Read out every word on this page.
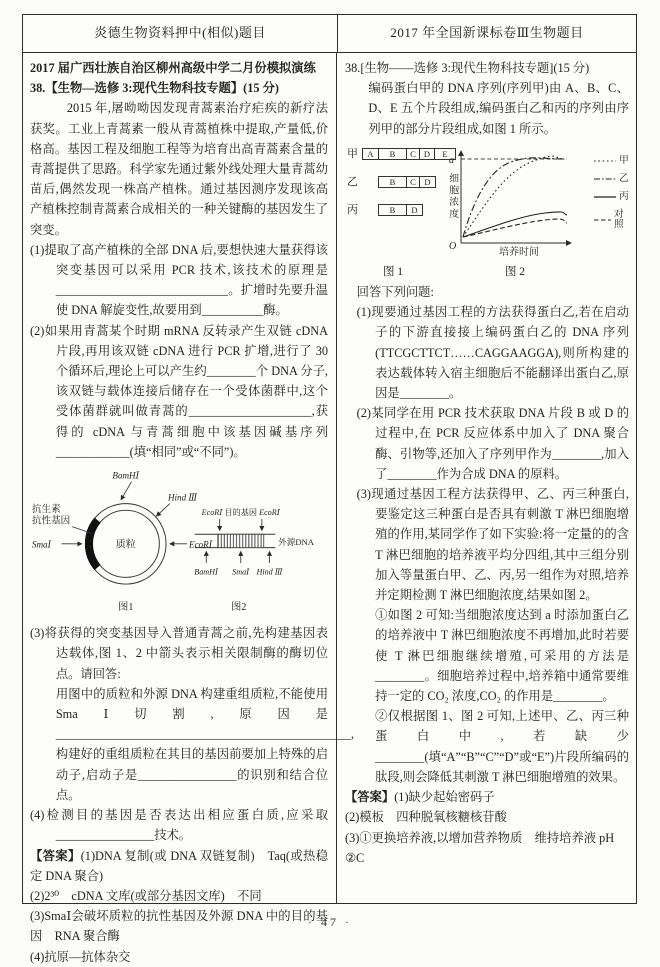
炎德生物资料押中(相似)题目	2017 年全国新课标卷Ⅲ生物题目

2017 届广西壮族自治区柳州高级中学二月份模拟演练

38.【生物—选修 3:现代生物科技专题】(15 分)

2015 年,屠呦呦因发现青蒿素治疗疟疾的新疗法获奖。工业上青蒿素一般从青蒿植株中提取,产量低,价格高。基因工程及细胞工程等为培育出高青蒿素含量的青蒿提供了思路。科学家先通过紫外线处理大量青蒿幼苗后,偶然发现一株高产植株。通过基因测序发现该高产植株控制青蒿素合成相关的一种关键酶的基因发生了突变。

(1)提取了高产植株的全部 DNA 后,要想快速大量获得该突变基因可以采用 PCR 技术,该技术的原理是____________________________。扩增时先要升温使 DNA 解旋变性,故要用到__________酶。

(2)如果用青蒿某个时期 mRNA 反转录产生双链 cDNA 片段,再用该双链 cDNA 进行 PCR 扩增,进行了 30 个循环后,理论上可以产生约________个 DNA 分子,该双链与载体连接后储存在一个受体菌群中,这个受体菌群就叫做青蒿的____________________,获得的 cDNA 与青蒿细胞中该基因碱基序列____________(填“相同”或“不同”)。

抗生素
抗性基因
BamHⅠ
Hind Ⅲ
EcoRⅠ
SmaⅠ	质粒
图1
EcoRⅠ 目的基因 EcoRⅠ
BamHⅠ SmaⅠ Hind Ⅲ
外源DNA
图2

(3)将获得的突变基因导入普通青蒿之前,先构建基因表达载体,图 1、2 中箭头表示相关限制酶的酶切位点。请回答:

用图中的质粒和外源 DNA 构建重组质粒,不能使用 SmaⅠ切割,原因是________________________________________________,构建好的重组质粒在其目的基因前要加上特殊的启动子,启动子是________________的识别和结合位点。

(4)检测目的基因是否表达出相应蛋白质,应采取________________技术。

【答案】(1)DNA 复制(或 DNA 双链复制)　Taq(或热稳定 DNA 聚合)

(2)2³⁰　cDNA 文库(或部分基因文库)　不同

(3)SmaⅠ会破坏质粒的抗性基因及外源 DNA 中的目的基因　RNA 聚合酶

(4)抗原—抗体杂交

38.[生物——选修 3:现代生物科技专题](15 分)

编码蛋白甲的 DNA 序列(序列甲)由 A、B、C、D、E 五个片段组成,编码蛋白乙和丙的序列由序列甲的部分片段组成,如图 1 所示。

甲	A	B	C D	E
乙	B	C	D
丙	B	D
培养时间
细胞浓度
a
O
甲
乙
丙
对照
图 1	图 2

回答下列问题:

(1)现要通过基因工程的方法获得蛋白乙,若在启动子的下游直接接上编码蛋白乙的 DNA 序列(TTCGCTTCT……CAGGAAGGA),则所构建的表达载体转入宿主细胞后不能翻译出蛋白乙,原因是________。

(2)某同学在用 PCR 技术获取 DNA 片段 B 或 D 的过程中,在 PCR 反应体系中加入了 DNA 聚合酶、引物等,还加入了序列甲作为________,加入了________作为合成 DNA 的原料。

(3)现通过基因工程方法获得甲、乙、丙三种蛋白,要鉴定这三种蛋白是否具有刺激 T 淋巴细胞增殖的作用,某同学作了如下实验:将一定量的的含 T 淋巴细胞的培养液平均分四组,其中三组分别加入等量蛋白甲、乙、丙,另一组作为对照,培养并定期检测 T 淋巴细胞浓度,结果如图 2。

①如图 2 可知:当细胞浓度达到 a 时添加蛋白乙的培养液中 T 淋巴细胞浓度不再增加,此时若要使 T 淋巴细胞继续增殖,可采用的方法是________。细胞培养过程中,培养箱中通常要维持一定的 CO₂ 浓度,CO₂ 的作用是________。

②仅根据图 1、图 2 可知,上述甲、乙、丙三种蛋白中,若缺少________(填“A”“B”“C”“D”或“E”)片段所编码的肽段,则会降低其刺激 T 淋巴细胞增殖的效果。

【答案】(1)缺少起始密码子

(2)模板　四种脱氧核糖核苷酸

(3)①更换培养液,以增加营养物质　维持培养液 pH

②C

· 47 ·
